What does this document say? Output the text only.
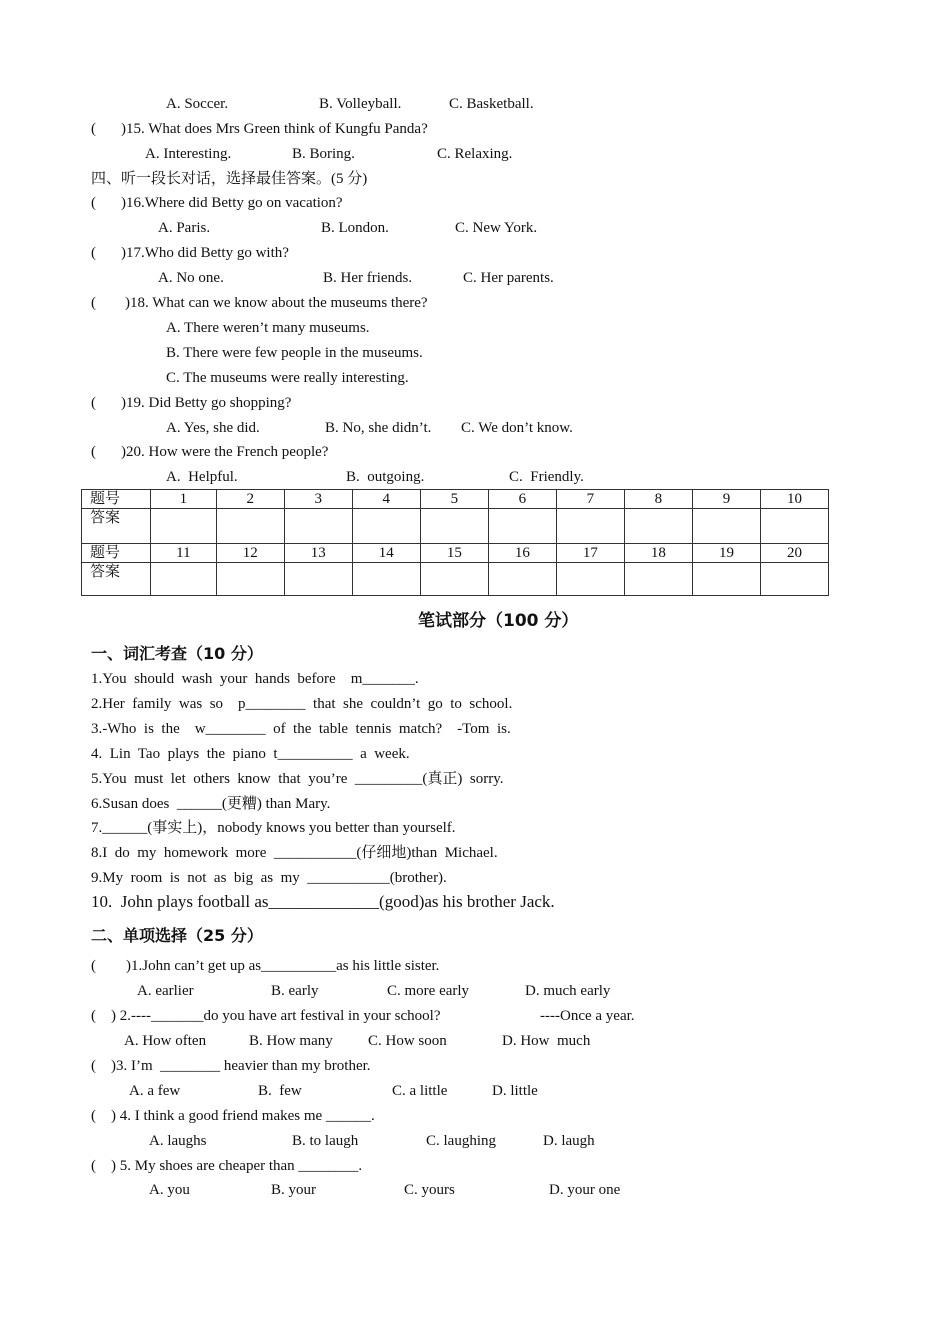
A. Soccer.	B. Volleyball.	C. Basketball.
( )15. What does Mrs Green think of Kungfu Panda?
A. Interesting.	B. Boring.	C. Relaxing.
四、听一段长对话，选择最佳答案。(5 分)
( )16.Where did Betty go on vacation?
A. Paris.	B. London.	C. New York.
( )17.Who did Betty go with?
A. No one.	B. Her friends.	C. Her parents.
( )18. What can we know about the museums there?
A. There weren’t many museums.
B. There were few people in the museums.
C. The museums were really interesting.
( )19. Did Betty go shopping?
A. Yes, she did.	B. No, she didn’t. C. We don’t know.
( )20. How were the French people?
A.  Helpful.	B.  outgoing.	C.  Friendly.
题号	1	2	3	4	5	6	7	8	9	10
答案										
题号	11	12	13	14	15	16	17	18	19	20
答案										
笔试部分（100 分）
一、词汇考查（10 分）
1.You  should  wash  your  hands  before    m_______.
2.Her  family  was  so    p________  that  she  couldn’t  go  to  school.
3.-Who  is  the    w________  of  the  table  tennis  match?    -Tom  is.
4.  Lin  Tao  plays  the  piano  t__________  a  week.
5.You  must  let  others  know  that  you’re  _________(真正)  sorry.
6.Susan does  ______(更糟) than Mary.
7.______(事实上)，nobody knows you better than yourself.
8.I  do  my  homework  more  ___________(仔细地)than  Michael.
9.My  room  is  not  as  big  as  my  ___________(brother).
10.  John plays football as_____________(good)as his brother Jack.
二、单项选择（25 分）
(        )1.John can’t get up as__________as his little sister.
A. earlier	B. early	C. more early	D. much early
(    ) 2.----_______do you have art festival in your school?	----Once a year.
A. How often	B. How many C. How soon	D. How  much
(    )3. I’m  ________ heavier than my brother.
A. a few	B.  few	C. a little	D. little
(    ) 4. I think a good friend makes me ______.
A. laughs	B. to laugh	C. laughing	D. laugh
(    ) 5. My shoes are cheaper than ________.
A. you	B. your	C. yours	D. your one
